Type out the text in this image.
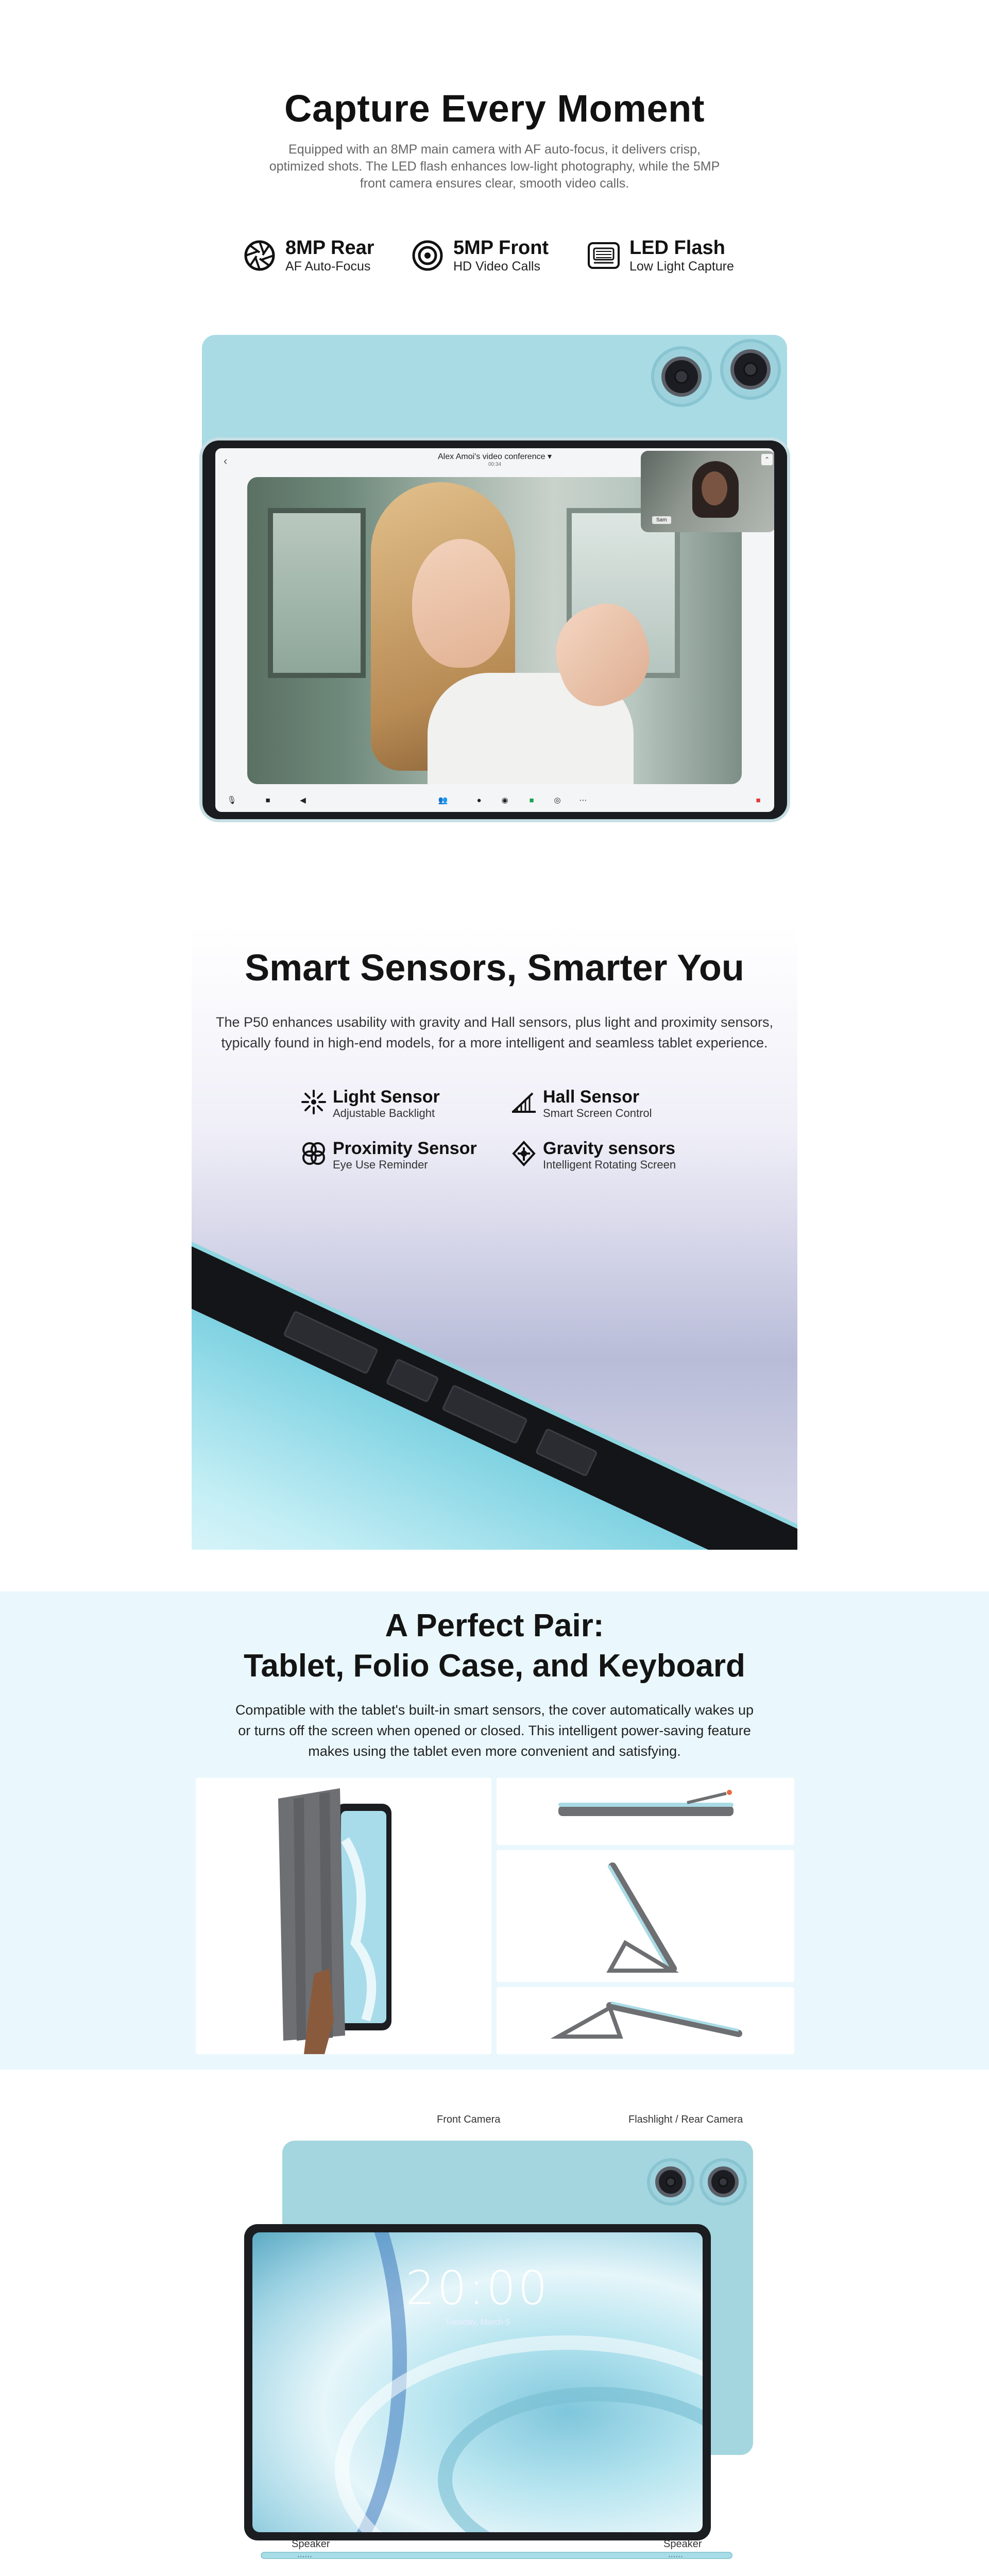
Capture Every Moment
Equipped with an 8MP main camera with AF auto-focus, it delivers crisp,
optimized shots. The LED flash enhances low-light photography, while the 5MP
front camera ensures clear, smooth video calls.
8MP Rear
AF Auto-Focus
5MP Front
HD Video Calls
LED Flash
Low Light Capture
Alex Amoi's video conference ▾
00:34
‹
Sam
⌃
🎙	■	◀	👥	●	◉	■	◎ ⋯	■
Smart Sensors, Smarter You
The P50 enhances usability with gravity and Hall sensors, plus light and proximity sensors,
typically found in high-end models, for a more intelligent and seamless tablet experience.
Light Sensor
Adjustable Backlight
Hall Sensor
Smart Screen Control
Proximity Sensor
Eye Use Reminder
Gravity sensors
Intelligent Rotating Screen
A Perfect Pair:
Tablet, Folio Case, and Keyboard
Compatible with the tablet's built-in smart sensors, the cover automatically wakes up
or turns off the screen when opened or closed. This intelligent power-saving feature
makes using the tablet even more convenient and satisfying.
Front Camera	Flashlight / Rear Camera
20:00
Tuesday, March 5
Speaker	Speaker
••••••	••••••
